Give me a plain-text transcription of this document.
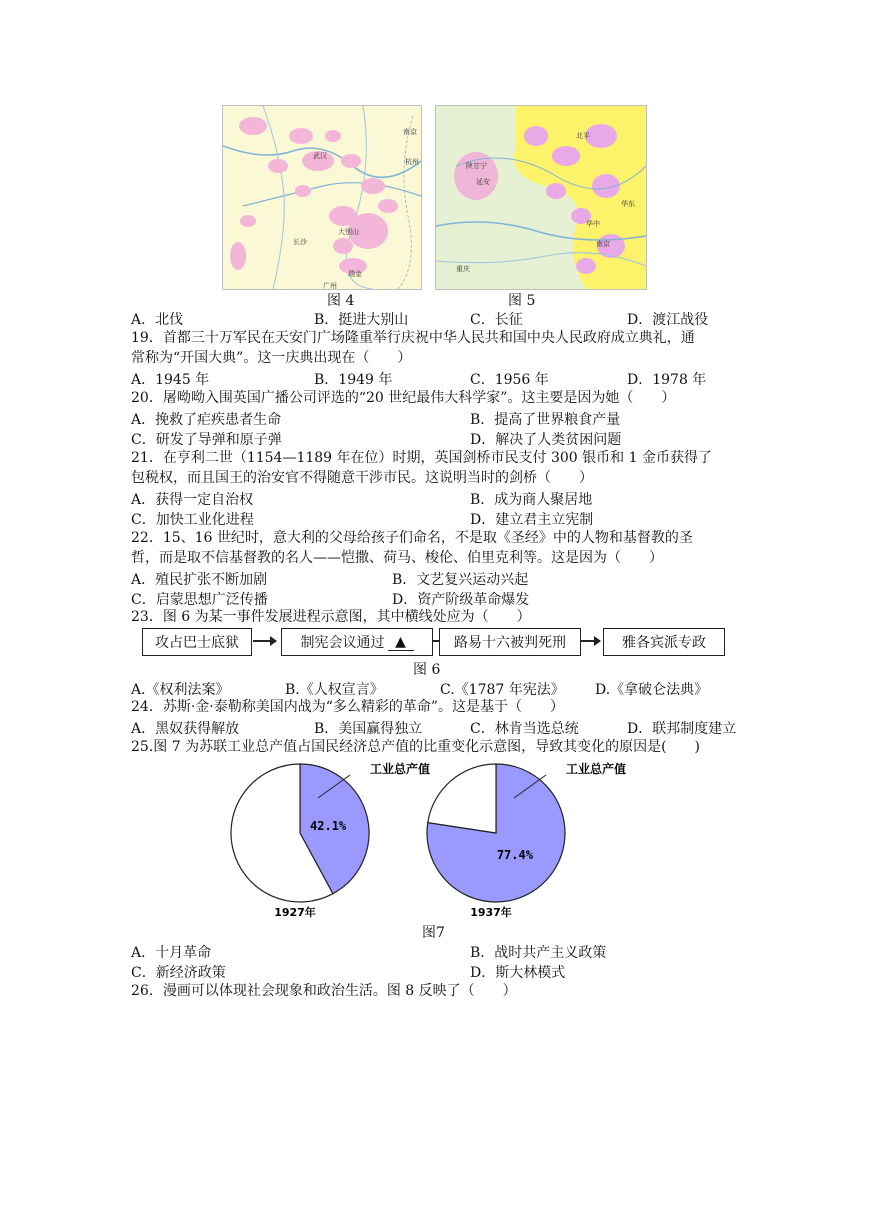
南京
武汉
长沙
瑞金
广州
大别山
杭州
北平
延安
南京
重庆
陕甘宁
华东
华中
图 4	图 5
A．北伐	B．挺进大别山	C．长征	D．渡江战役
19．首都三十万军民在天安门广场隆重举行庆祝中华人民共和国中央人民政府成立典礼，通
常称为“开国大典”。这一庆典出现在（　　）
A．1945 年	B．1949 年	C．1956 年	D．1978 年
20．屠呦呦入围英国广播公司评选的“20 世纪最伟大科学家”。这主要是因为她（　　）
A．挽救了疟疾患者生命	B．提高了世界粮食产量
C．研发了导弹和原子弹	D．解决了人类贫困问题
21．在亨利二世（1154—1189 年在位）时期，英国剑桥市民支付 300 银币和 1 金币获得了
包税权，而且国王的治安官不得随意干涉市民。这说明当时的剑桥（　　）
A．获得一定自治权	B．成为商人聚居地
C．加快工业化进程	D．建立君主立宪制
22．15、16 世纪时，意大利的父母给孩子们命名，不是取《圣经》中的人物和基督教的圣
哲，而是取不信基督教的名人——恺撒、荷马、梭伦、伯里克利等。这是因为（　　）
A．殖民扩张不断加剧	B．文艺复兴运动兴起
C．启蒙思想广泛传播	D．资产阶级革命爆发
23．图 6 为某一事件发展进程示意图，其中横线处应为（　　）
攻占巴士底狱	制宪会议通过 ▲	路易十六被判死刑	雅各宾派专政
图 6
A.《权利法案》	B.《人权宣言》	C.《1787 年宪法》 D.《拿破仑法典》
24．苏斯·金·泰勒称美国内战为“多么精彩的革命”。这是基于（　　）
A．黑奴获得解放	B．美国赢得独立	C．林肯当选总统	D．联邦制度建立
25.图 7 为苏联工业总产值占国民经济总产值的比重变化示意图，导致其变化的原因是(　　)
42.1%
工业总产值
1927年
77.4%
工业总产值
1937年
图7
A．十月革命	B．战时共产主义政策
C．新经济政策	D．斯大林模式
26．漫画可以体现社会现象和政治生活。图 8 反映了（　　）
